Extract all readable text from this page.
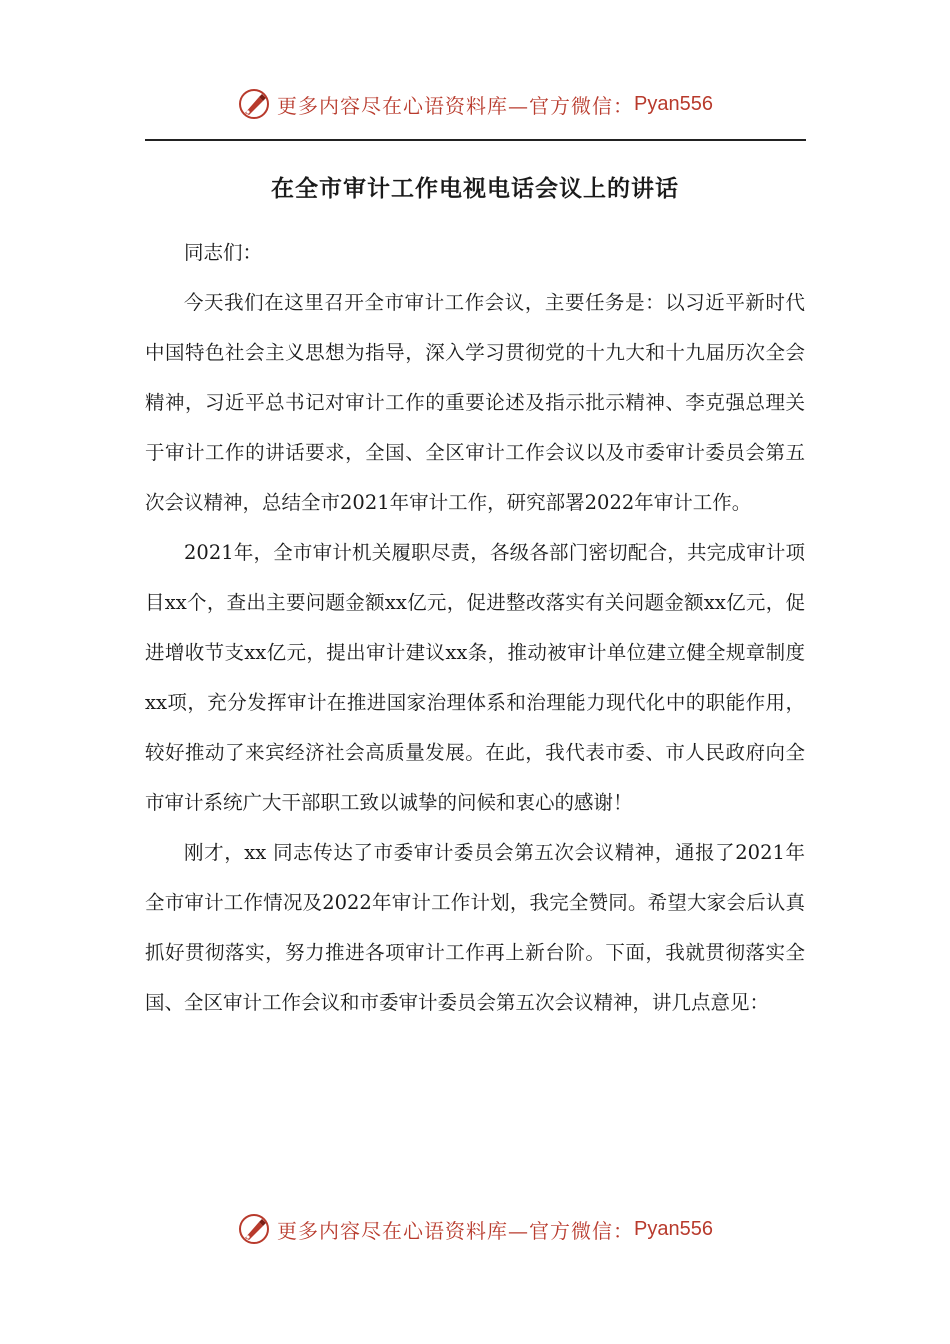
更多内容尽在心语资料库—官方微信： Pyan556
在全市审计工作电视电话会议上的讲话

同志们：

今天我们在这里召开全市审计工作会议，主要任务是：以习近平新时代中国特色社会主义思想为指导，深入学习贯彻党的十九大和十九届历次全会精神，习近平总书记对审计工作的重要论述及指示批示精神、李克强总理关于审计工作的讲话要求，全国、全区审计工作会议以及市委审计委员会第五次会议精神，总结全市2021年审计工作，研究部署2022年审计工作。

2021年，全市审计机关履职尽责，各级各部门密切配合，共完成审计项目xx个，查出主要问题金额xx亿元，促进整改落实有关问题金额xx亿元，促进增收节支xx亿元，提出审计建议xx条，推动被审计单位建立健全规章制度xx项，充分发挥审计在推进国家治理体系和治理能力现代化中的职能作用，较好推动了来宾经济社会高质量发展。在此，我代表市委、市人民政府向全市审计系统广大干部职工致以诚挚的问候和衷心的感谢！

刚才，xx 同志传达了市委审计委员会第五次会议精神，通报了2021年全市审计工作情况及2022年审计工作计划，我完全赞同。希望大家会后认真抓好贯彻落实，努力推进各项审计工作再上新台阶。下面，我就贯彻落实全国、全区审计工作会议和市委审计委员会第五次会议精神，讲几点意见：

更多内容尽在心语资料库—官方微信： Pyan556
